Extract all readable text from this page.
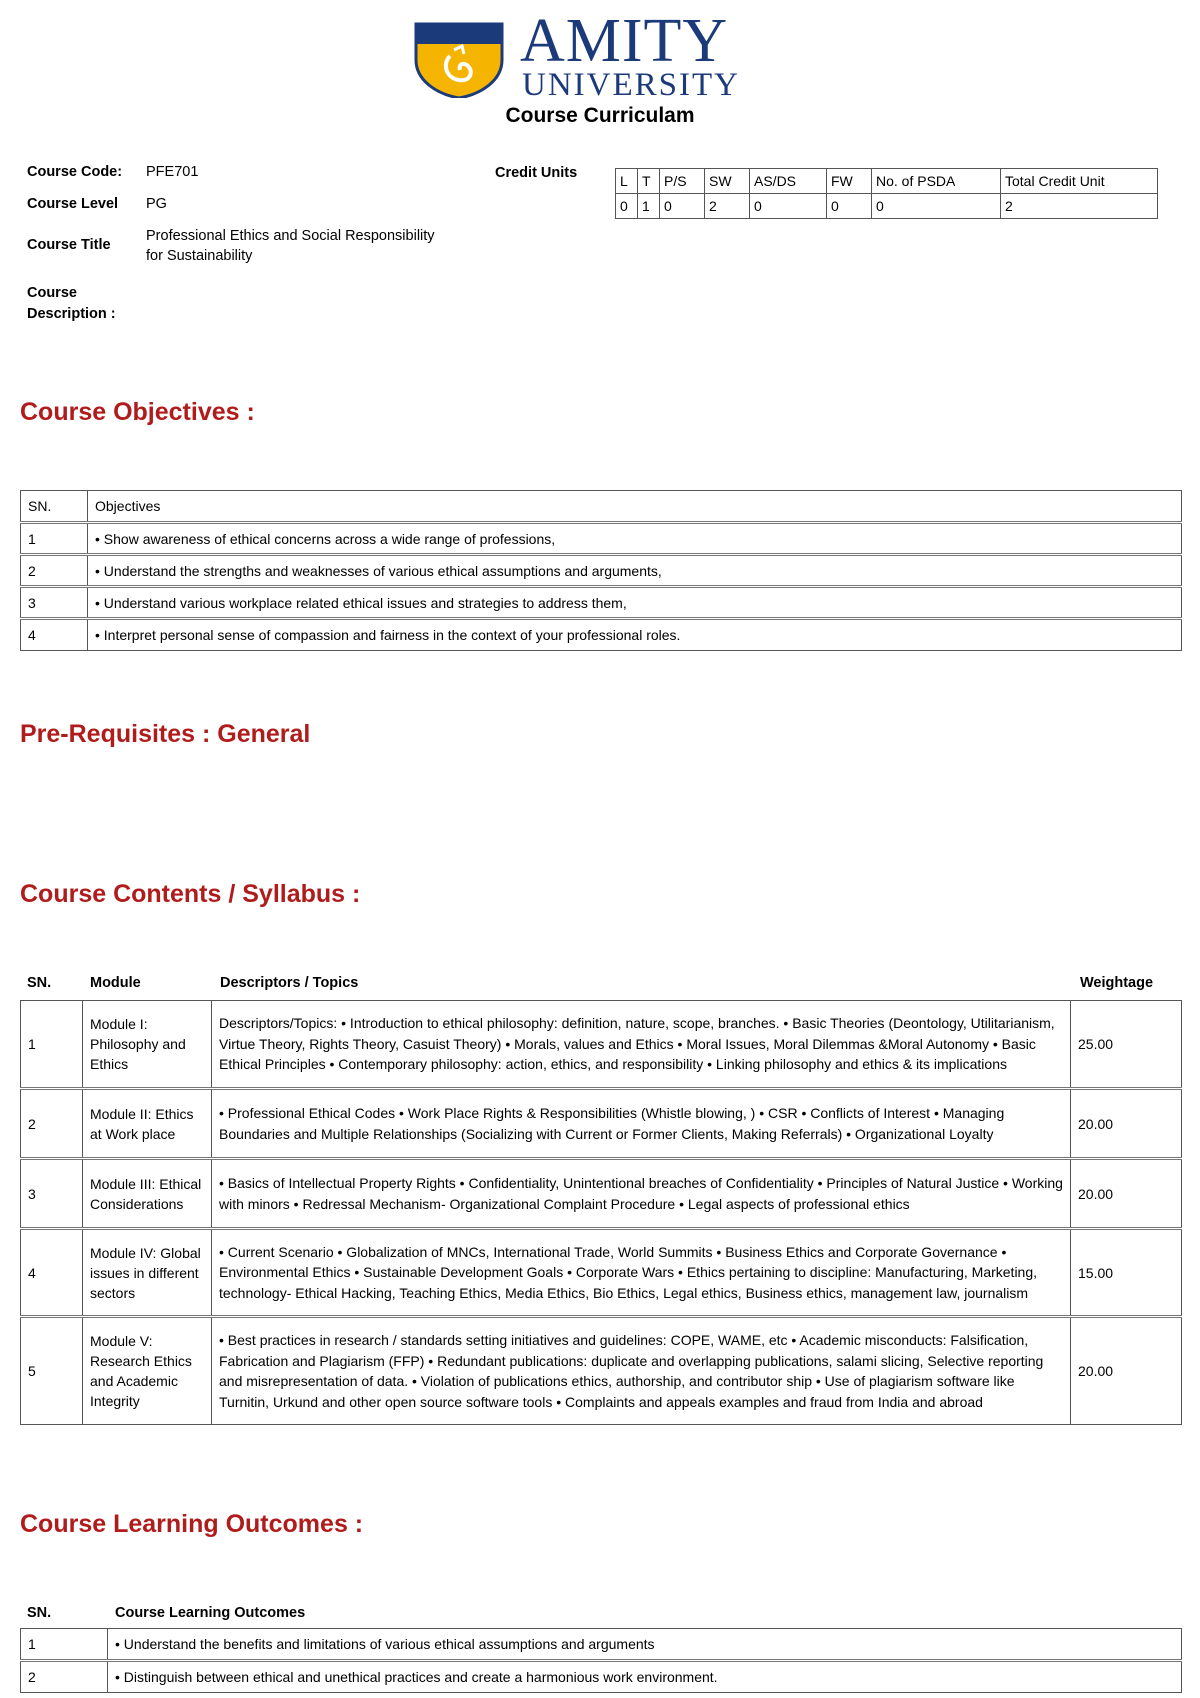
AMITY
UNIVERSITY
Course Curriculam
Course Code: PFE701
Course Level PG
Course Title
Professional Ethics and Social Responsibility
for Sustainability
Course
Description :
Credit Units	L	T	P/S	SW	AS/DS	FW	No. of PSDA	Total Credit Unit
0	1	0	2	0	0	0	2
Course Objectives :
SN.	Objectives
1	• Show awareness of ethical concerns across a wide range of professions,
2	• Understand the strengths and weaknesses of various ethical assumptions and arguments,
3	• Understand various workplace related ethical issues and strategies to address them,
4	• Interpret personal sense of compassion and fairness in the context of your professional roles.
Pre-Requisites : General
Course Contents / Syllabus :
SN.	Module	Descriptors / Topics	Weightage
1	Module I: Philosophy and Ethics	Descriptors/Topics: • Introduction to ethical philosophy: definition, nature, scope, branches. • Basic Theories (Deontology, Utilitarianism, Virtue Theory, Rights Theory, Casuist Theory) • Morals, values and Ethics • Moral Issues, Moral Dilemmas &Moral Autonomy • Basic Ethical Principles • Contemporary philosophy: action, ethics, and responsibility • Linking philosophy and ethics & its implications	25.00
2	Module II: Ethics at Work place	• Professional Ethical Codes • Work Place Rights & Responsibilities (Whistle blowing, ) • CSR • Conflicts of Interest • Managing Boundaries and Multiple Relationships (Socializing with Current or Former Clients, Making Referrals) • Organizational Loyalty	20.00
3	Module III: Ethical Considerations	• Basics of Intellectual Property Rights • Confidentiality, Unintentional breaches of Confidentiality • Principles of Natural Justice • Working with minors • Redressal Mechanism- Organizational Complaint Procedure • Legal aspects of professional ethics	20.00
4	Module IV: Global issues in different sectors	• Current Scenario • Globalization of MNCs, International Trade, World Summits • Business Ethics and Corporate Governance • Environmental Ethics • Sustainable Development Goals • Corporate Wars • Ethics pertaining to discipline: Manufacturing, Marketing, technology- Ethical Hacking, Teaching Ethics, Media Ethics, Bio Ethics, Legal ethics, Business ethics, management law, journalism	15.00
5	Module V: Research Ethics and Academic Integrity	• Best practices in research / standards setting initiatives and guidelines: COPE, WAME, etc • Academic misconducts: Falsification, Fabrication and Plagiarism (FFP) • Redundant publications: duplicate and overlapping publications, salami slicing, Selective reporting and misrepresentation of data. • Violation of publications ethics, authorship, and contributor ship • Use of plagiarism software like Turnitin, Urkund and other open source software tools • Complaints and appeals examples and fraud from India and abroad	20.00
Course Learning Outcomes :
SN.	Course Learning Outcomes
1	• Understand the benefits and limitations of various ethical assumptions and arguments
2	• Distinguish between ethical and unethical practices and create a harmonious work environment.
